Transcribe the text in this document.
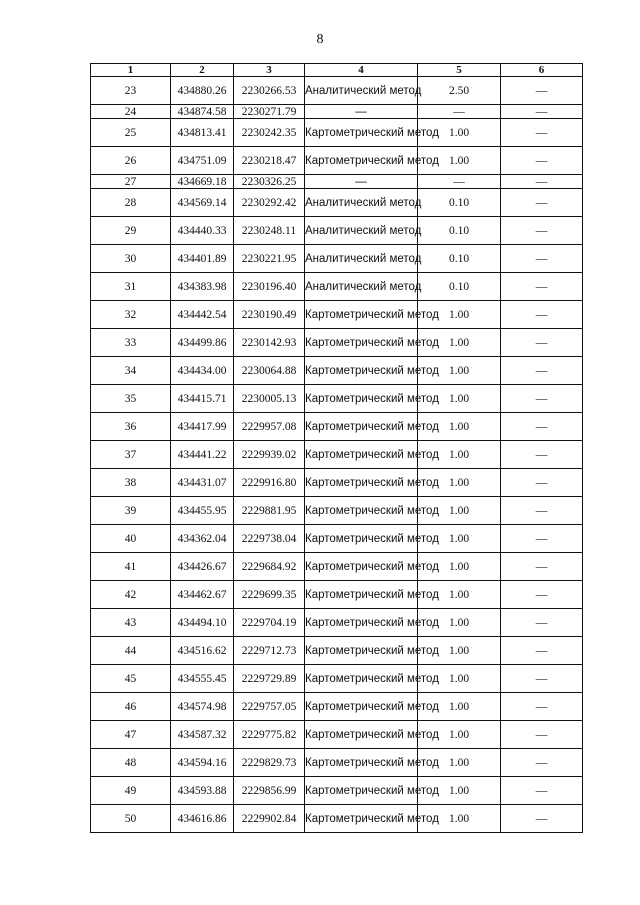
8
1	2	3	4	5	6
23	434880.26	2230266.53	Аналитический метод	2.50	—
24	434874.58	2230271.79	—	—	—
25	434813.41	2230242.35	Картометрический метод	1.00	—
26	434751.09	2230218.47	Картометрический метод	1.00	—
27	434669.18	2230326.25	—	—	—
28	434569.14	2230292.42	Аналитический метод	0.10	—
29	434440.33	2230248.11	Аналитический метод	0.10	—
30	434401.89	2230221.95	Аналитический метод	0.10	—
31	434383.98	2230196.40	Аналитический метод	0.10	—
32	434442.54	2230190.49	Картометрический метод	1.00	—
33	434499.86	2230142.93	Картометрический метод	1.00	—
34	434434.00	2230064.88	Картометрический метод	1.00	—
35	434415.71	2230005.13	Картометрический метод	1.00	—
36	434417.99	2229957.08	Картометрический метод	1.00	—
37	434441.22	2229939.02	Картометрический метод	1.00	—
38	434431.07	2229916.80	Картометрический метод	1.00	—
39	434455.95	2229881.95	Картометрический метод	1.00	—
40	434362.04	2229738.04	Картометрический метод	1.00	—
41	434426.67	2229684.92	Картометрический метод	1.00	—
42	434462.67	2229699.35	Картометрический метод	1.00	—
43	434494.10	2229704.19	Картометрический метод	1.00	—
44	434516.62	2229712.73	Картометрический метод	1.00	—
45	434555.45	2229729.89	Картометрический метод	1.00	—
46	434574.98	2229757.05	Картометрический метод	1.00	—
47	434587.32	2229775.82	Картометрический метод	1.00	—
48	434594.16	2229829.73	Картометрический метод	1.00	—
49	434593.88	2229856.99	Картометрический метод	1.00	—
50	434616.86	2229902.84	Картометрический метод	1.00	—
